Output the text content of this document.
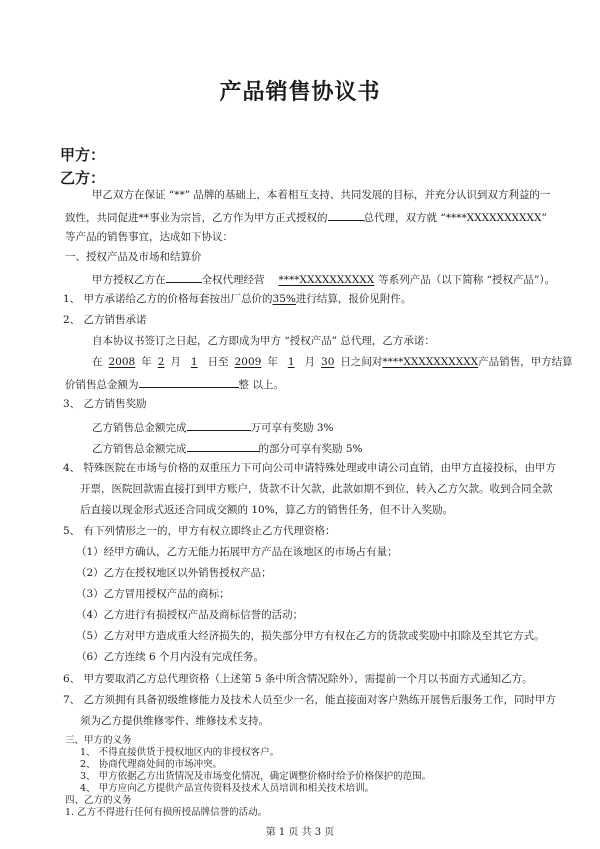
产品销售协议书
甲方：
乙方：
甲乙双方在保证 “**” 品牌的基础上，本着相互支持、共同发展的目标，并充分认识到双方利益的一
致性，共同促进**事业为宗旨，乙方作为甲方正式授权的	总代理，双方就 “****XXXXXXXXXX”
等产品的销售事宜，达成如下协议：
一、授权产品及市场和结算价
甲方授权乙方在	全权代理经营 ****XXXXXXXXXX 等系列产品（以下简称 “授权产品”）。
1、 甲方承诺给乙方的价格每套按出厂总价的35%进行结算，报价见附件。
2、 乙方销售承诺
自本协议书签订之日起，乙方即成为甲方 “授权产品” 总代理，乙方承诺：
在 2008 年 2 月 1 日至 2009 年 1 月 30 日之间对****XXXXXXXXXX产品销售，甲方结算
价销售总金额为	整 以上。
3、 乙方销售奖励
乙方销售总金额完成	万可享有奖励 3%
乙方销售总金额完成	的部分可享有奖励 5%
4、 特殊医院在市场与价格的双重压力下可向公司申请特殊处理或申请公司直销，由甲方直接投标，由甲方
开票，医院回款需直接打到甲方账户，货款不计欠款，此款如期不到位，转入乙方欠款。收到合同全款
后直接以现金形式返还合同成交额的 10%，算乙方的销售任务，但不计入奖励。
5、 有下列情形之一的，甲方有权立即终止乙方代理资格：
（1）经甲方确认，乙方无能力拓展甲方产品在该地区的市场占有量；
（2）乙方在授权地区以外销售授权产品；
（3）乙方冒用授权产品的商标；
（4）乙方进行有损授权产品及商标信誉的活动；
（5）乙方对甲方造成重大经济损失的，损失部分甲方有权在乙方的货款或奖励中扣除及至其它方式。
（6）乙方连续 6 个月内没有完成任务。
6、 甲方要取消乙方总代理资格（上述第 5 条中所含情况除外），需提前一个月以书面方式通知乙方。
7、 乙方须拥有具备初级维修能力及技术人员至少一名，能直接面对客户熟练开展售后服务工作，同时甲方
须为乙方提供维修零件、维修技术支持。
三、甲方的义务
1、 不得直接供货于授权地区内的非授权客户。
2、 协商代理商处间的市场冲突。
3、 甲方依据乙方出货情况及市场变化情况，确定调整价格时给予价格保护的范围。
第 1 页 共 3 页
4、 甲方应向乙方提供产品宣传资料及技术人员培训和相关技术培训。
四、乙方的义务
1. 乙方不得进行任何有损所授品牌信誉的活动。
